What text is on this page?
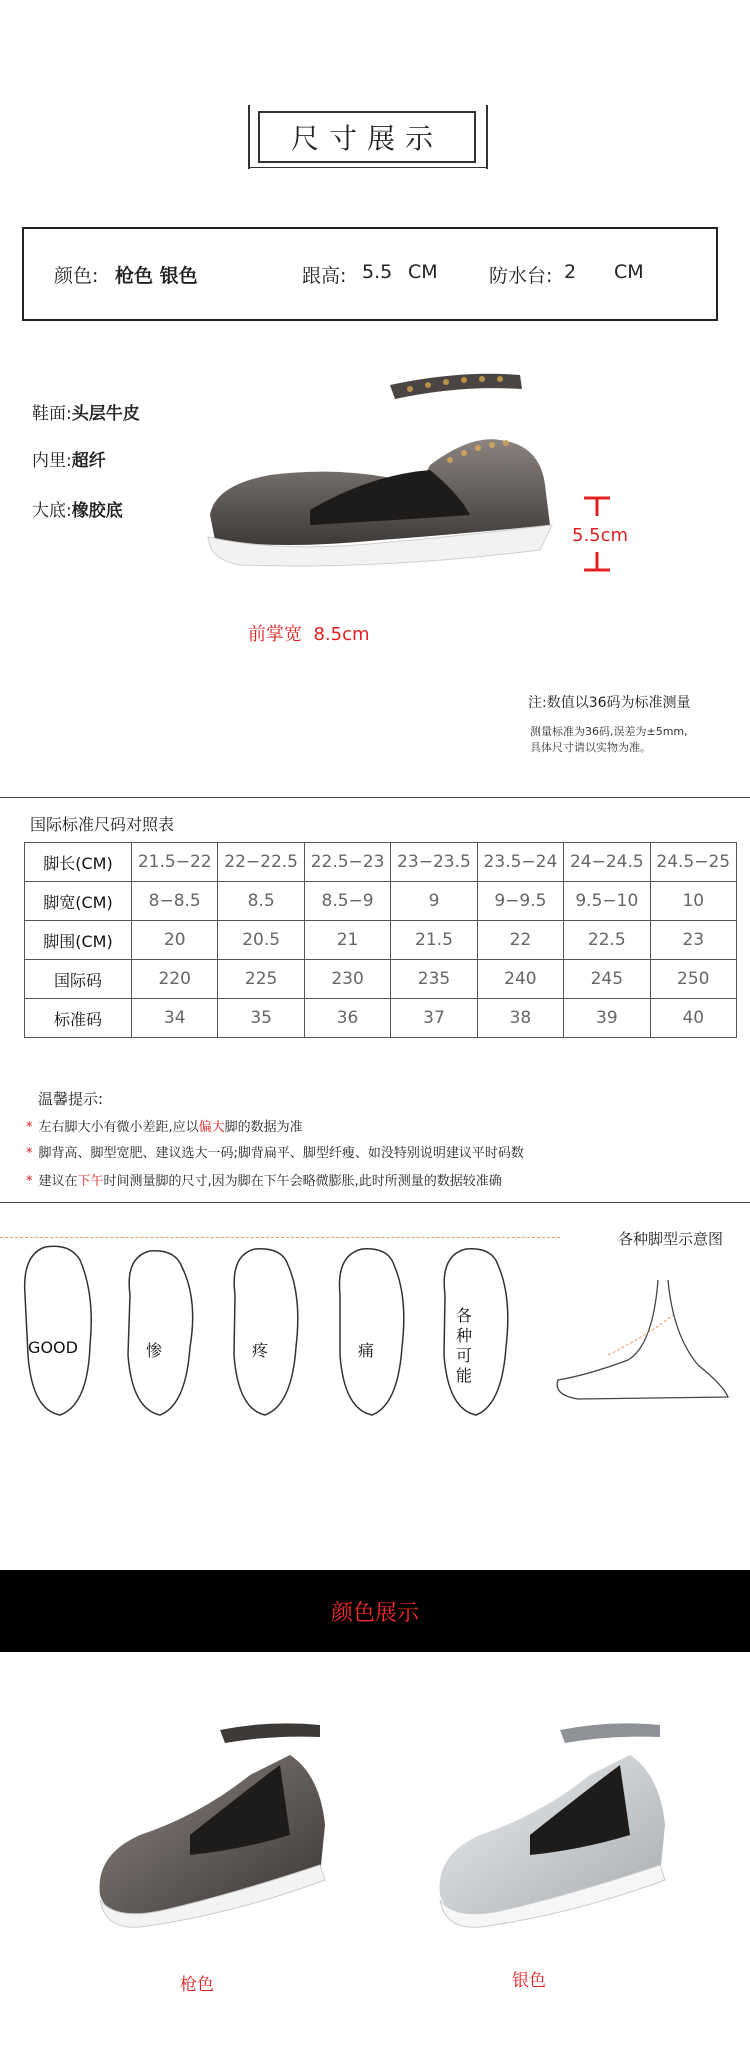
尺寸展示
颜色: 枪色 银色	跟高: 5.5 CM	防水台: 2 CM
鞋面:头层牛皮
内里:超纤
大底:橡胶底
5.5cm
前掌宽 8.5cm
注:数值以36码为标准测量
测量标准为36码,误差为±5mm,
具体尺寸请以实物为准。
国际标准尺码对照表
脚长(CM)	21.5−22	22−22.5	22.5−23	23−23.5	23.5−24	24−24.5	24.5−25
脚宽(CM)	8−8.5	8.5	8.5−9	9	9−9.5	9.5−10	10
脚围(CM)	20	20.5	21	21.5	22	22.5	23
国际码	220	225	230	235	240	245	250
标准码	34	35	36	37	38	39	40
温馨提示:
* 左右脚大小有微小差距,应以偏大脚的数据为准
* 脚背高、脚型宽肥、建议选大一码;脚背扁平、脚型纤瘦、如没特别说明建议平时码数
* 建议在下午时间测量脚的尺寸,因为脚在下午会略微膨胀,此时所测量的数据较准确
各种脚型示意图
GOOD	惨	疼	痛
各种可能
颜色展示
枪色	银色
